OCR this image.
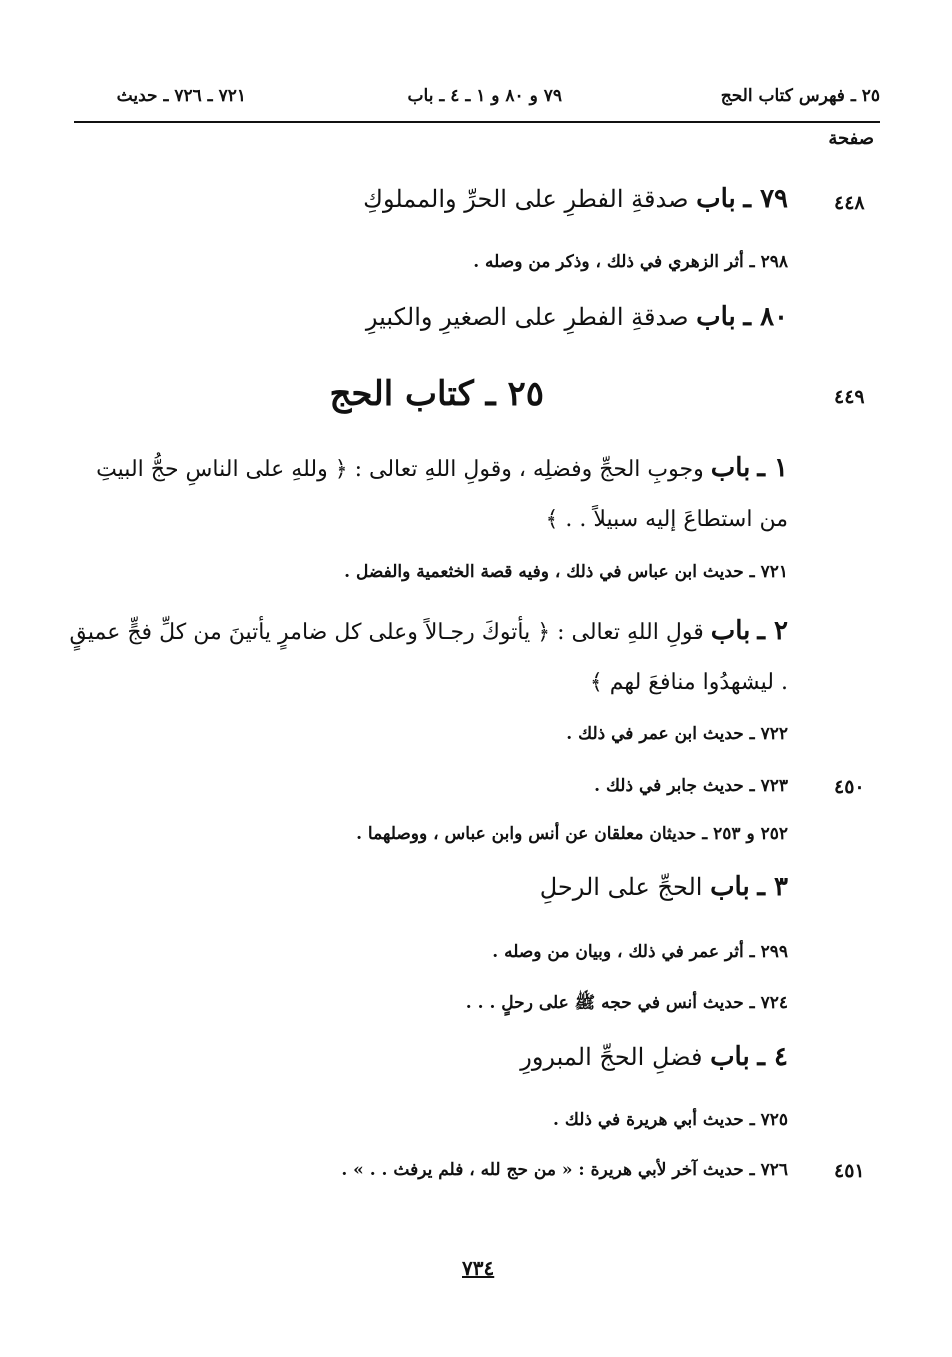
٢٥ ـ فهرس كتاب الحج
٧٩ و ٨٠ و ١ ـ ٤ ـ باب
٧٢١ ـ ٧٢٦ ـ حديث
صفحة
٤٤٨
٤٤٩
٤٥٠
٤٥١
٧٩ ـ باب صدقةِ الفطرِ على الحرِّ والمملوكِ
٢٩٨ ـ أثر الزهري في ذلك ، وذكر من وصله .
٨٠ ـ باب صدقةِ الفطرِ على الصغيرِ والكبيرِ
٢٥ ـ كتاب الحج
١ ـ باب وجوبِ الحجِّ وفضلِه ، وقولِ اللهِ تعالى : ﴿ وللهِ على الناسِ حجُّ البيتِ من استطاعَ إليه سبيلاً . . ﴾
٧٢١ ـ حديث ابن عباس في ذلك ، وفيه قصة الخثعمية والفضل .
٢ ـ باب قولِ اللهِ تعالى : ﴿ يأتوكَ رجـالاً وعلى كل ضامرٍ يأتينَ من كلِّ فجٍّ عميقٍ . ليشهدُوا منافعَ لهم ﴾
٧٢٢ ـ حديث ابن عمر في ذلك .
٧٢٣ ـ حديث جابر في ذلك .
٢٥٢ و ٢٥٣ ـ حديثان معلقان عن أنس وابن عباس ، ووصلهما .
٣ ـ باب الحجِّ على الرحلِ
٢٩٩ ـ أثر عمر في ذلك ، وبيان من وصله .
٧٢٤ ـ حديث أنس في حجه ﷺ على رحلٍ . . .
٤ ـ باب فضلِ الحجِّ المبرورِ
٧٢٥ ـ حديث أبي هريرة في ذلك .
٧٢٦ ـ حديث آخر لأبي هريرة : « من حج لله ، فلم يرفث . . » .
٧٣٤
